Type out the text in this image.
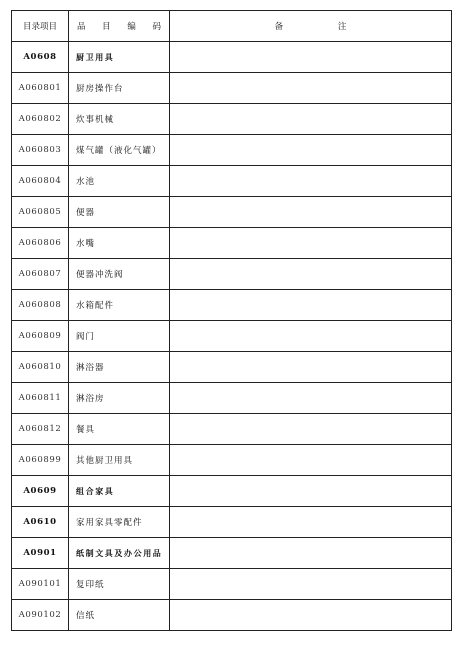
目录项目	品 目 编 码	备 注
A0608	厨卫用具	
A060801	厨房操作台	
A060802	炊事机械	
A060803	煤气罐（液化气罐）	
A060804	水池	
A060805	便器	
A060806	水嘴	
A060807	便器冲洗阀	
A060808	水箱配件	
A060809	阀门	
A060810	淋浴器	
A060811	淋浴房	
A060812	餐具	
A060899	其他厨卫用具	
A0609	组合家具	
A0610	家用家具零配件	
A0901	纸制文具及办公用品	
A090101	复印纸	
A090102	信纸	
